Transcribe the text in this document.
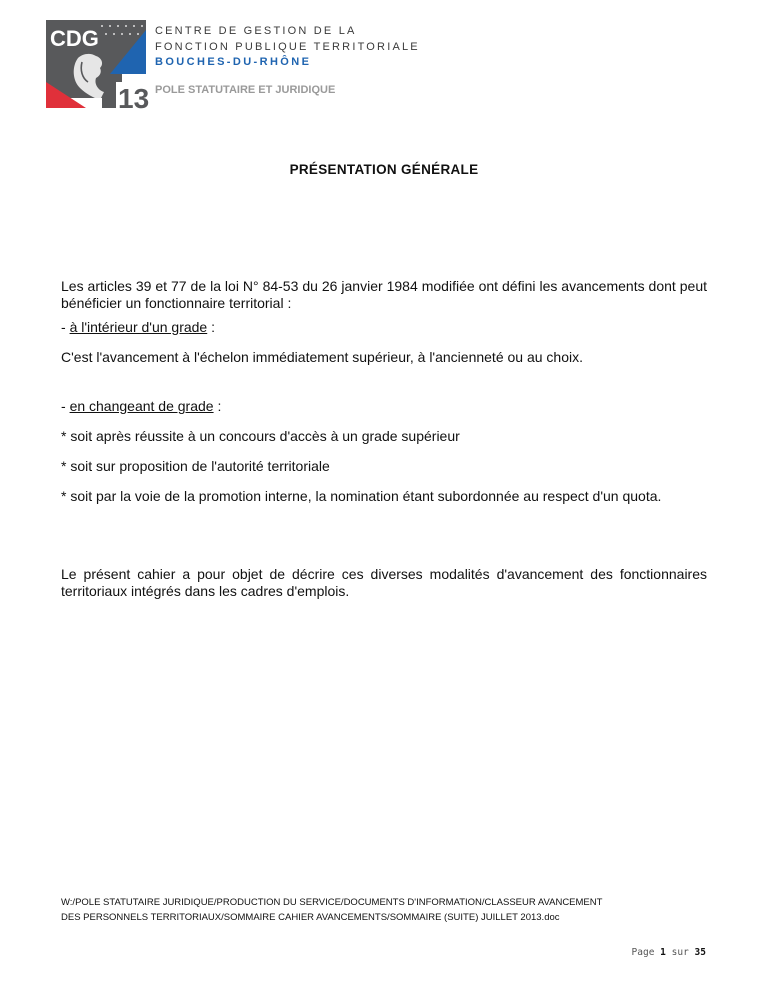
CDG
13
CENTRE DE GESTION DE LA
FONCTION PUBLIQUE TERRITORIALE
BOUCHES-DU-RHÔNE
POLE STATUTAIRE ET JURIDIQUE
PRÉSENTATION GÉNÉRALE
Les articles 39 et 77 de la loi N° 84-53 du 26 janvier 1984 modifiée ont défini les avancements dont peut bénéficier un fonctionnaire territorial :
- à l'intérieur d'un grade :
C'est l'avancement à l'échelon immédiatement supérieur, à l'ancienneté ou au choix.
- en changeant de grade :
* soit après réussite à un concours d'accès à un grade supérieur
* soit sur proposition de l'autorité territoriale
* soit par la voie de la promotion interne, la nomination étant subordonnée au respect d'un quota.
Le présent cahier a pour objet de décrire ces diverses modalités d'avancement des fonctionnaires territoriaux intégrés dans les cadres d'emplois.
W:/POLE STATUTAIRE JURIDIQUE/PRODUCTION DU SERVICE/DOCUMENTS D'INFORMATION/CLASSEUR AVANCEMENT
DES PERSONNELS TERRITORIAUX/SOMMAIRE CAHIER AVANCEMENTS/SOMMAIRE (SUITE) JUILLET 2013.doc
Page 1 sur 35
